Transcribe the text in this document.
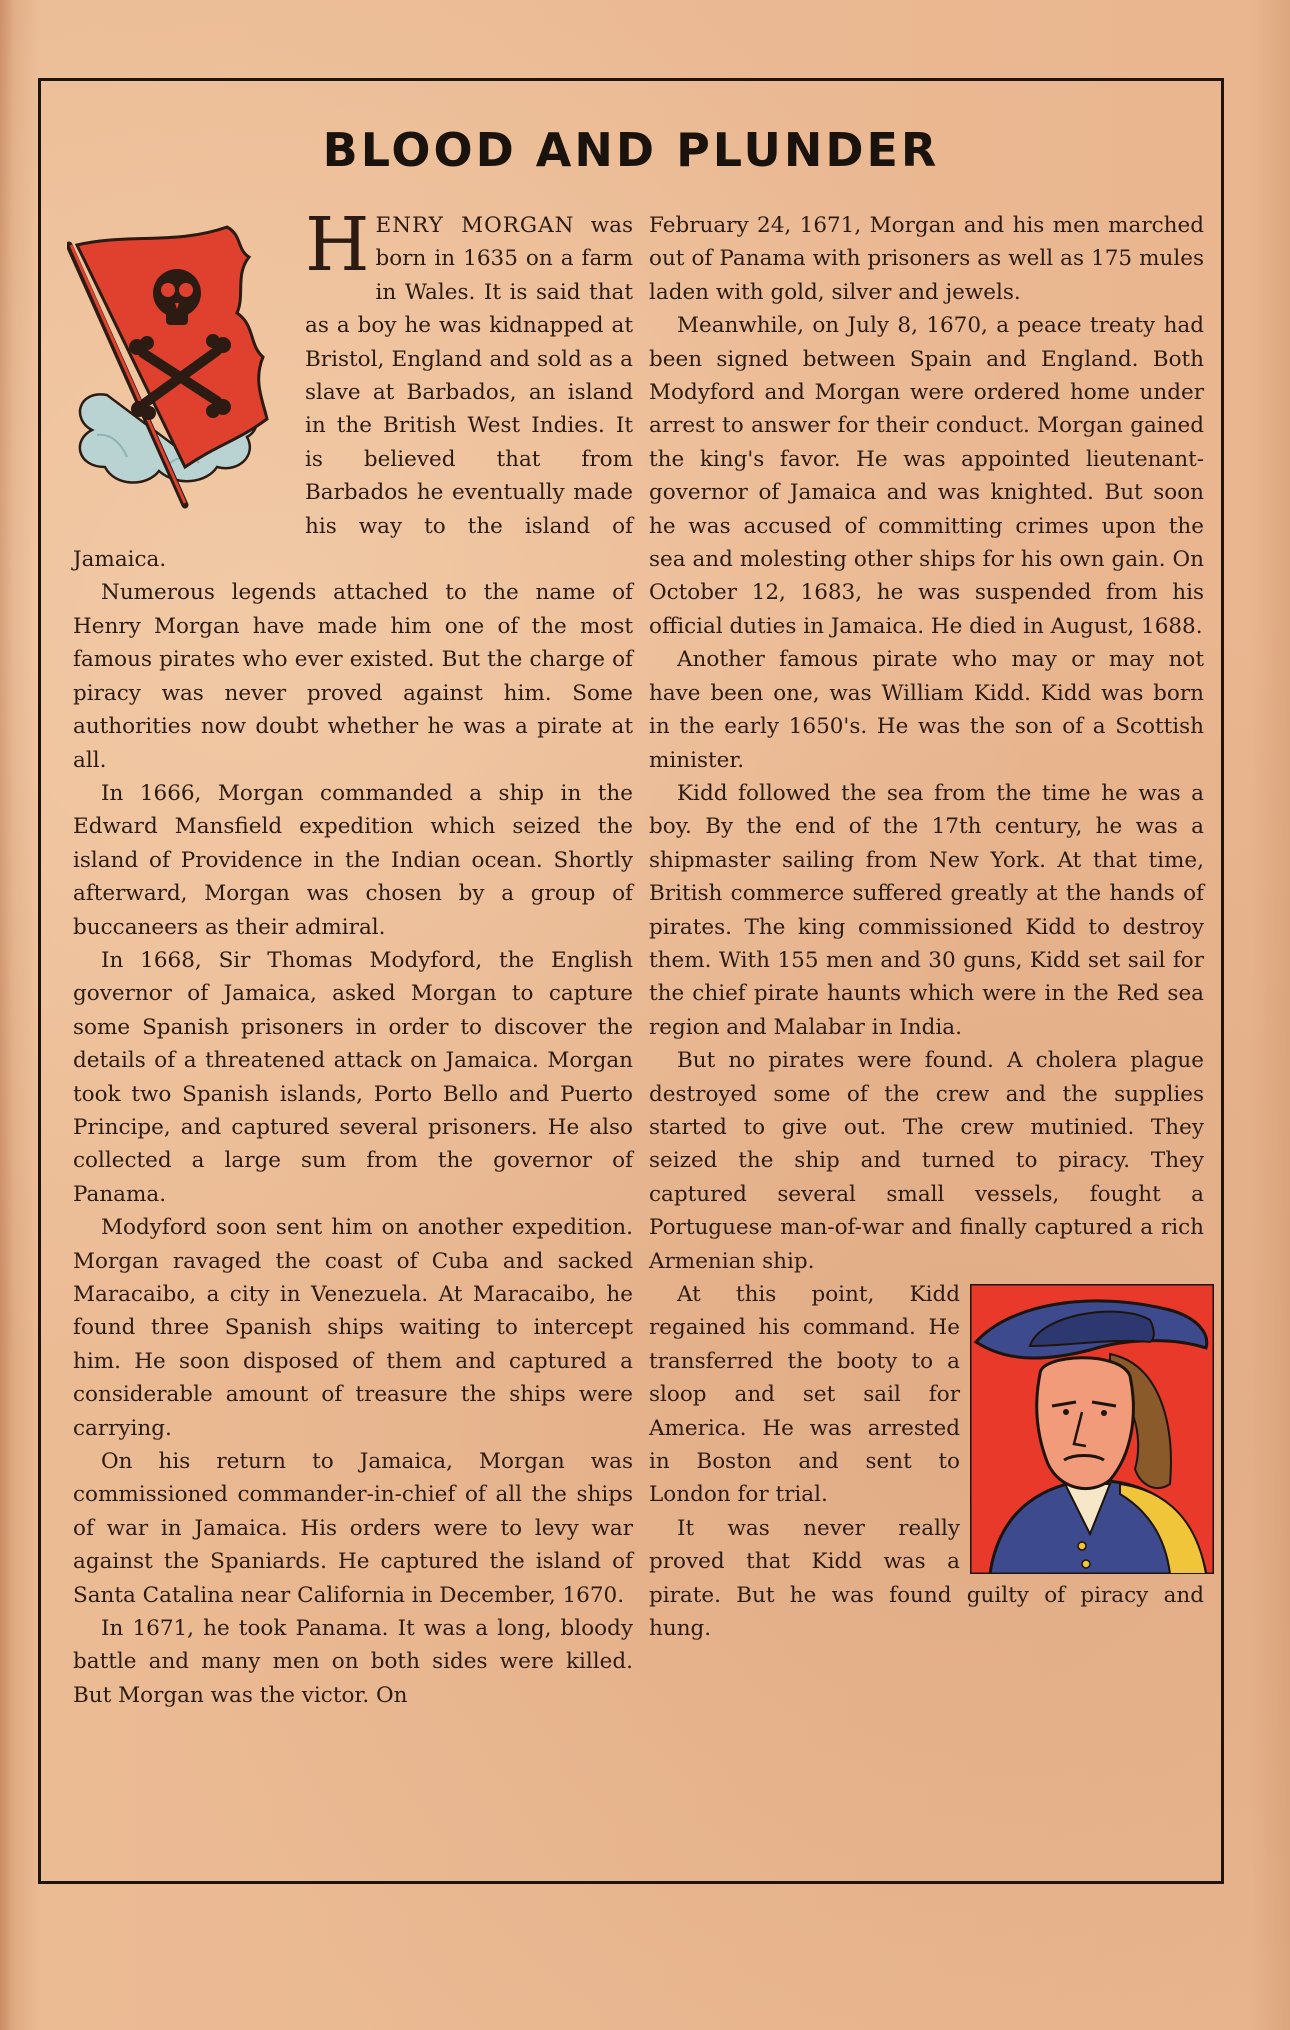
BLOOD AND PLUNDER

HENRY MORGAN was born in 1635 on a farm in Wales. It is said that as a boy he was kidnapped at Bristol, England and sold as a slave at Barbados, an island in the British West Indies. It is believed that from Barbados he eventually made his way to the island of Jamaica.

Numerous legends attached to the name of Henry Morgan have made him one of the most famous pirates who ever existed. But the charge of piracy was never proved against him. Some authorities now doubt whether he was a pirate at all.

In 1666, Morgan commanded a ship in the Edward Mansfield expedition which seized the island of Providence in the Indian ocean. Shortly afterward, Morgan was chosen by a group of buccaneers as their admiral.

In 1668, Sir Thomas Modyford, the English governor of Jamaica, asked Morgan to capture some Spanish prisoners in order to discover the details of a threatened attack on Jamaica. Morgan took two Spanish islands, Porto Bello and Puerto Principe, and captured several prisoners. He also collected a large sum from the governor of Panama.

Modyford soon sent him on another expedition. Morgan ravaged the coast of Cuba and sacked Maracaibo, a city in Venezuela. At Maracaibo, he found three Spanish ships waiting to intercept him. He soon disposed of them and captured a considerable amount of treasure the ships were carrying.

On his return to Jamaica, Morgan was commissioned commander-in-chief of all the ships of war in Jamaica. His orders were to levy war against the Spaniards. He captured the island of Santa Catalina near California in December, 1670.

In 1671, he took Panama. It was a long, bloody battle and many men on both sides were killed. But Morgan was the victor. On

February 24, 1671, Morgan and his men marched out of Panama with prisoners as well as 175 mules laden with gold, silver and jewels.

Meanwhile, on July 8, 1670, a peace treaty had been signed between Spain and England. Both Modyford and Morgan were ordered home under arrest to answer for their conduct. Morgan gained the king's favor. He was appointed lieutenant-governor of Jamaica and was knighted. But soon he was accused of committing crimes upon the sea and molesting other ships for his own gain. On October 12, 1683, he was suspended from his official duties in Jamaica. He died in August, 1688.

Another famous pirate who may or may not have been one, was William Kidd. Kidd was born in the early 1650's. He was the son of a Scottish minister.

Kidd followed the sea from the time he was a boy. By the end of the 17th century, he was a shipmaster sailing from New York. At that time, British commerce suffered greatly at the hands of pirates. The king commissioned Kidd to destroy them. With 155 men and 30 guns, Kidd set sail for the chief pirate haunts which were in the Red sea region and Malabar in India.

But no pirates were found. A cholera plague destroyed some of the crew and the supplies started to give out. The crew mutinied. They seized the ship and turned to piracy. They captured several small vessels, fought a Portuguese man-of-war and finally captured a rich Armenian ship.

At this point, Kidd regained his command. He transferred the booty to a sloop and set sail for America. He was arrested in Boston and sent to London for trial.

It was never really proved that Kidd was a pirate. But he was found guilty of piracy and hung.
